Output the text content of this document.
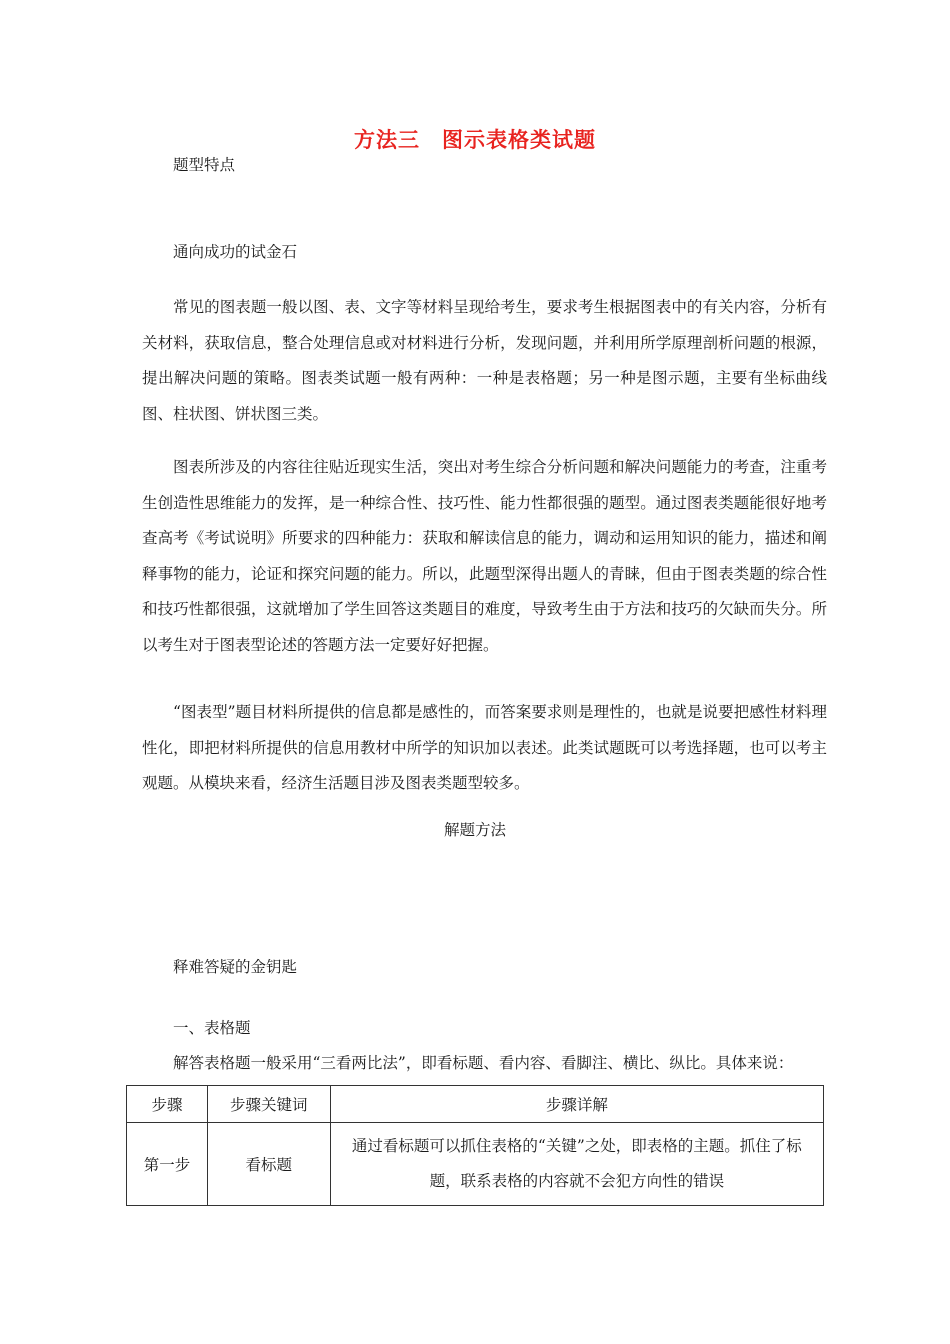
方法三　图示表格类试题
题型特点
通向成功的试金石

常见的图表题一般以图、表、文字等材料呈现给考生，要求考生根据图表中的有关内容，分析有关材料，获取信息，整合处理信息或对材料进行分析，发现问题，并利用所学原理剖析问题的根源，提出解决问题的策略。图表类试题一般有两种：一种是表格题；另一种是图示题，主要有坐标曲线图、柱状图、饼状图三类。

图表所涉及的内容往往贴近现实生活，突出对考生综合分析问题和解决问题能力的考查，注重考生创造性思维能力的发挥，是一种综合性、技巧性、能力性都很强的题型。通过图表类题能很好地考查高考《考试说明》所要求的四种能力：获取和解读信息的能力，调动和运用知识的能力，描述和阐释事物的能力，论证和探究问题的能力。所以，此题型深得出题人的青睐，但由于图表类题的综合性和技巧性都很强，这就增加了学生回答这类题目的难度，导致考生由于方法和技巧的欠缺而失分。所以考生对于图表型论述的答题方法一定要好好把握。

“图表型”题目材料所提供的信息都是感性的，而答案要求则是理性的，也就是说要把感性材料理性化，即把材料所提供的信息用教材中所学的知识加以表述。此类试题既可以考选择题，也可以考主观题。从模块来看，经济生活题目涉及图表类题型较多。

解题方法
释难答疑的金钥匙
一、表格题
解答表格题一般采用“三看两比法”，即看标题、看内容、看脚注、横比、纵比。具体来说：
步骤	步骤关键词	步骤详解
第一步	看标题	通过看标题可以抓住表格的“关键”之处，即表格的主题。抓住了标题，联系表格的内容就不会犯方向性的错误
